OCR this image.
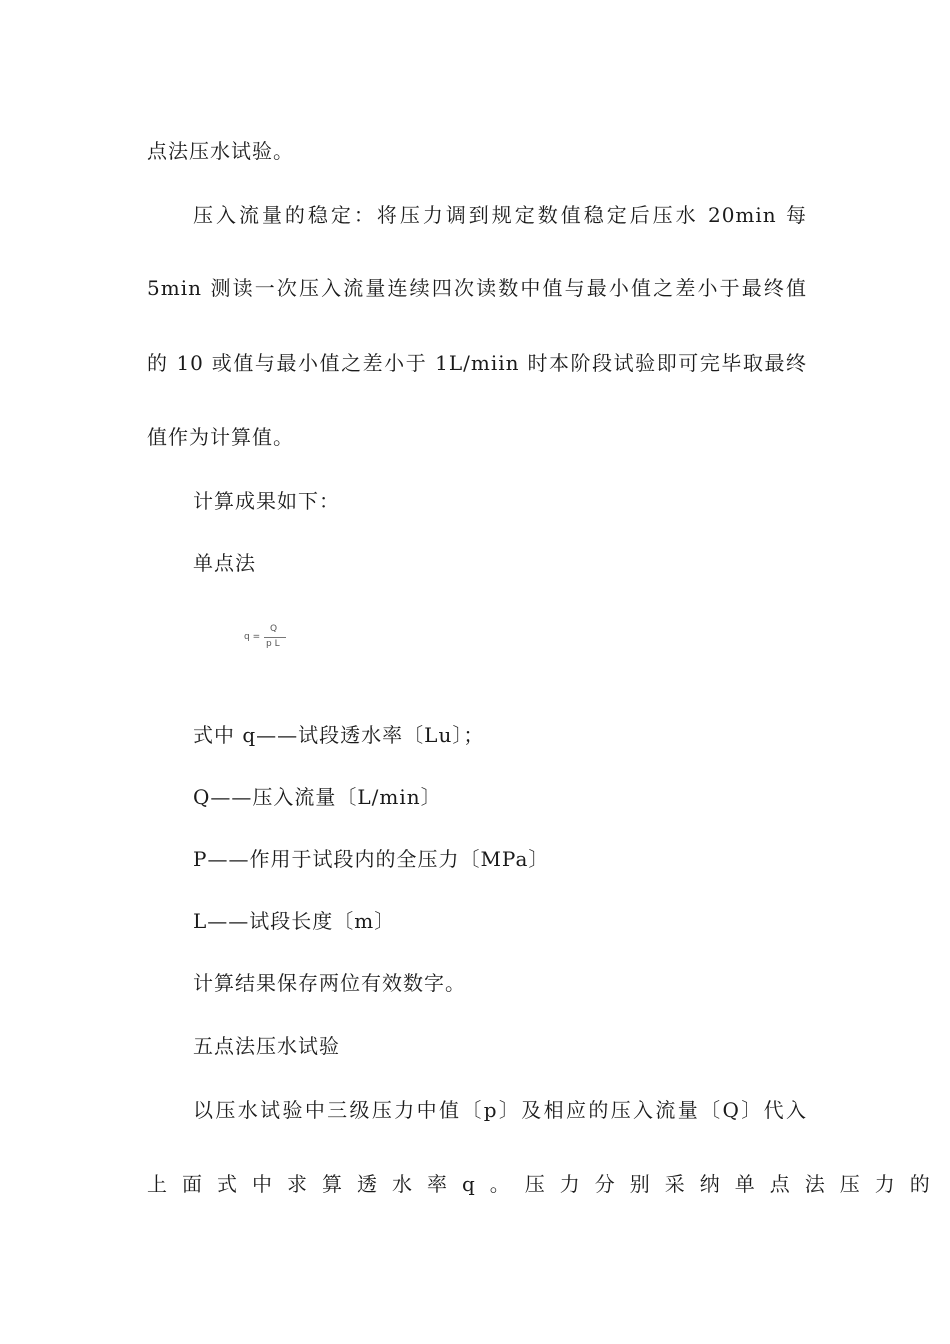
点法压水试验。
压入流量的稳定：将压力调到规定数值稳定后压水 20min 每
5min 测读一次压入流量连续四次读数中值与最小值之差小于最终值
的 10 或值与最小值之差小于 1L/miin 时本阶段试验即可完毕取最终
值作为计算值。
计算成果如下：
单点法
q =
Q
p L
式中 q——试段透水率〔Lu〕；
Q——压入流量〔L/min〕
P——作用于试段内的全压力〔MPa〕
L——试段长度〔m〕
计算结果保存两位有效数字。
五点法压水试验
以压水试验中三级压力中值〔p〕及相应的压入流量〔Q〕代入
上面式中求算透水率q。压力分别采纳单点法压力的
